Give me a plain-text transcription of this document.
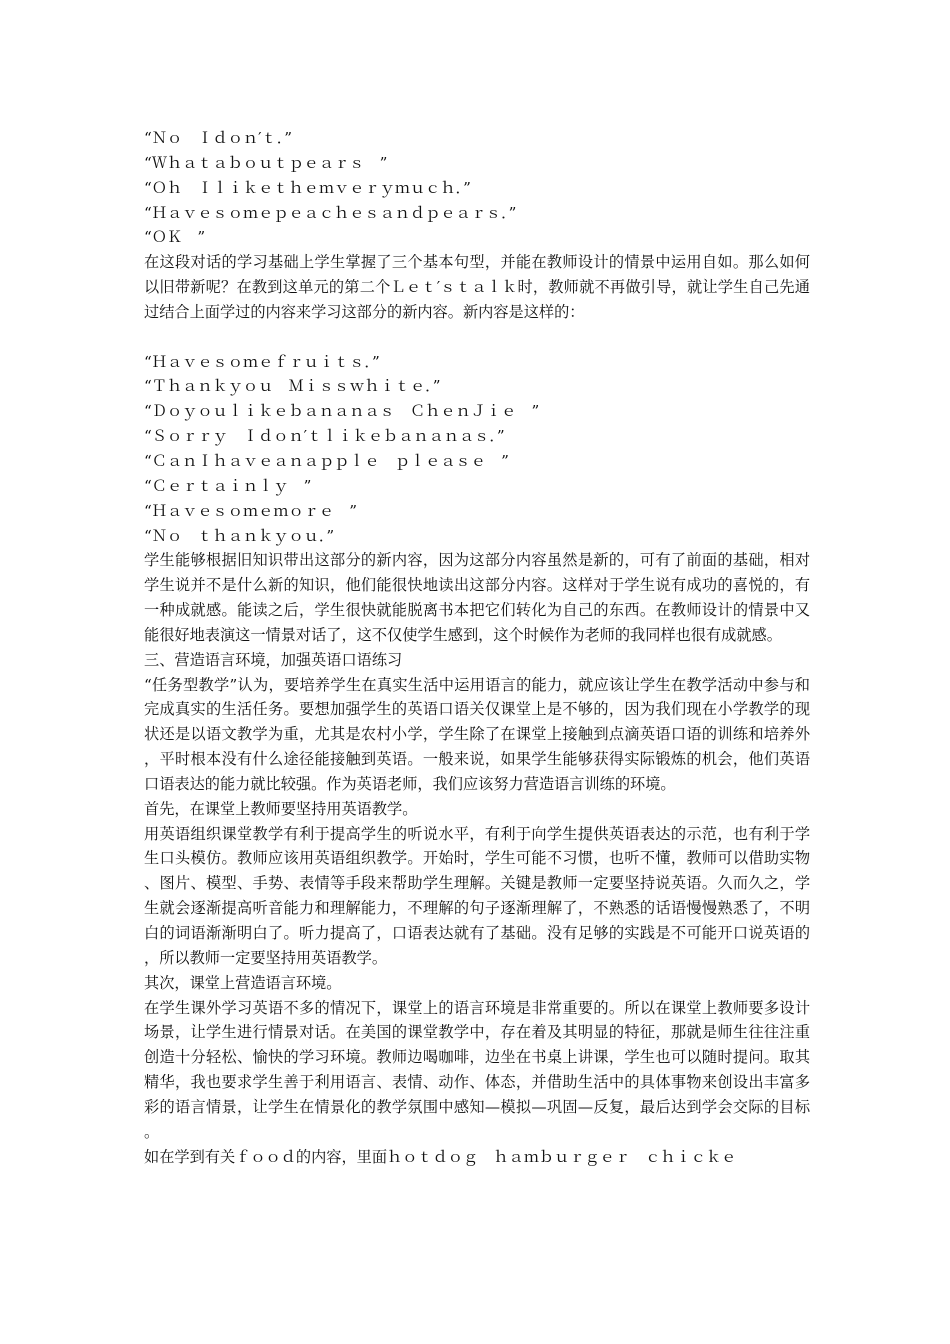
“Ｎｏ　Ｉｄｏｎ′ｔ．”
“Ｗｈａｔａｂｏｕｔｐｅａｒｓ　”
“Ｏｈ　Ｉｌｉｋｅｔｈｅｍｖｅｒｙｍｕｃｈ．”
“Ｈａｖｅｓｏｍｅｐｅａｃｈｅｓａｎｄｐｅａｒｓ．”
“ＯＫ　”
在这段对话的学习基础上学生掌握了三个基本句型，并能在教师设计的情景中运用自如。那么如何以旧带新呢？在教到这单元的第二个Ｌｅｔ′ｓｔａｌｋ时，教师就不再做引导，就让学生自己先通过结合上面学过的内容来学习这部分的新内容。新内容是这样的：
“Ｈａｖｅｓｏｍｅｆｒｕｉｔｓ．”
“Ｔｈａｎｋｙｏｕ　Ｍｉｓｓｗｈｉｔｅ．”
“Ｄｏｙｏｕｌｉｋｅｂａｎａｎａｓ　ＣｈｅｎＪｉｅ　”
“Ｓｏｒｒｙ　Ｉｄｏｎ′ｔｌｉｋｅｂａｎａｎａｓ．”
“ＣａｎＩｈａｖｅａｎａｐｐｌｅ　ｐｌｅａｓｅ　”
“Ｃｅｒｔａｉｎｌｙ　”
“Ｈａｖｅｓｏｍｅｍｏｒｅ　”
“Ｎｏ　ｔｈａｎｋｙｏｕ．”
学生能够根据旧知识带出这部分的新内容，因为这部分内容虽然是新的，可有了前面的基础，相对学生说并不是什么新的知识，他们能很快地读出这部分内容。这样对于学生说有成功的喜悦的，有一种成就感。能读之后，学生很快就能脱离书本把它们转化为自己的东西。在教师设计的情景中又能很好地表演这一情景对话了，这不仅使学生感到，这个时候作为老师的我同样也很有成就感。
三、营造语言环境，加强英语口语练习
“任务型教学”认为，要培养学生在真实生活中运用语言的能力，就应该让学生在教学活动中参与和完成真实的生活任务。要想加强学生的英语口语关仅课堂上是不够的，因为我们现在小学教学的现状还是以语文教学为重，尤其是农村小学，学生除了在课堂上接触到点滴英语口语的训练和培养外，平时根本没有什么途径能接触到英语。一般来说，如果学生能够获得实际锻炼的机会，他们英语口语表达的能力就比较强。作为英语老师，我们应该努力营造语言训练的环境。
首先，在课堂上教师要坚持用英语教学。
用英语组织课堂教学有利于提高学生的听说水平，有利于向学生提供英语表达的示范，也有利于学生口头模仿。教师应该用英语组织教学。开始时，学生可能不习惯，也听不懂，教师可以借助实物、图片、模型、手势、表情等手段来帮助学生理解。关键是教师一定要坚持说英语。久而久之，学生就会逐渐提高听音能力和理解能力，不理解的句子逐渐理解了，不熟悉的话语慢慢熟悉了，不明白的词语渐渐明白了。听力提高了，口语表达就有了基础。没有足够的实践是不可能开口说英语的，所以教师一定要坚持用英语教学。
其次，课堂上营造语言环境。
在学生课外学习英语不多的情况下，课堂上的语言环境是非常重要的。所以在课堂上教师要多设计场景，让学生进行情景对话。在美国的课堂教学中，存在着及其明显的特征，那就是师生往往注重创造十分轻松、愉快的学习环境。教师边喝咖啡，边坐在书桌上讲课，学生也可以随时提问。取其精华，我也要求学生善于利用语言、表情、动作、体态，并借助生活中的具体事物来创设出丰富多彩的语言情景，让学生在情景化的教学氛围中感知—模拟—巩固—反复，最后达到学会交际的目标。
如在学到有关ｆｏｏｄ的内容，里面ｈｏｔｄｏｇ　ｈａｍｂｕｒｇｅｒ　ｃｈｉｃｋｅ
